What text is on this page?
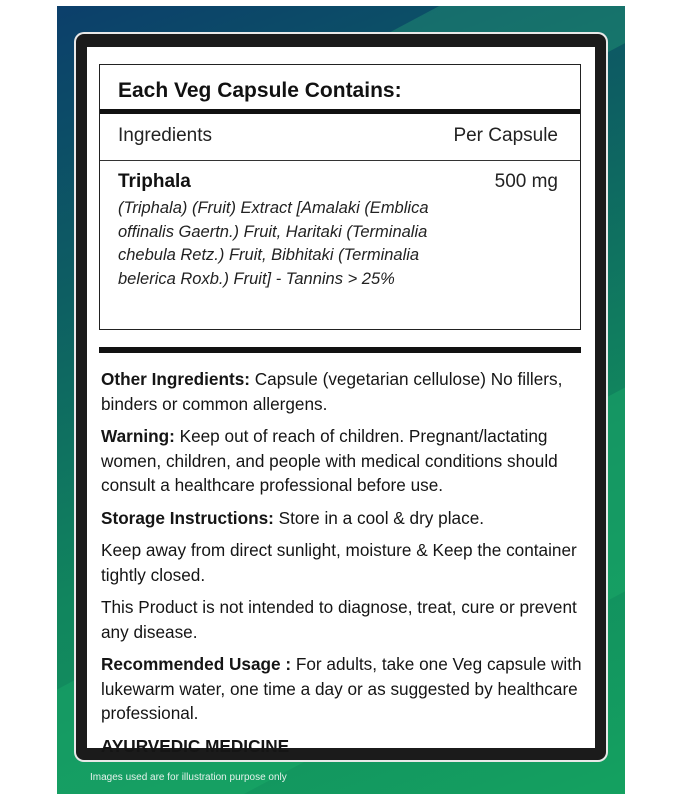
Each Veg Capsule Contains:
Ingredients	Per Capsule
Triphala	500 mg
(Triphala) (Fruit) Extract [Amalaki (Emblica offinalis Gaertn.) Fruit, Haritaki (Terminalia chebula Retz.) Fruit, Bibhitaki (Terminalia belerica Roxb.) Fruit] - Tannins > 25%

Other Ingredients: Capsule (vegetarian cellulose) No fillers, binders or common allergens.

Warning: Keep out of reach of children. Pregnant/lactating women, children, and people with medical conditions should consult a healthcare professional before use.

Storage Instructions: Store in a cool & dry place.

Keep away from direct sunlight, moisture & Keep the container tightly closed.

This Product is not intended to diagnose, treat, cure or prevent any disease.

Recommended Usage : For adults, take one Veg capsule with lukewarm water, one time a day or as suggested by healthcare professional.

AYURVEDIC MEDICINE

Images used are for illustration purpose only
